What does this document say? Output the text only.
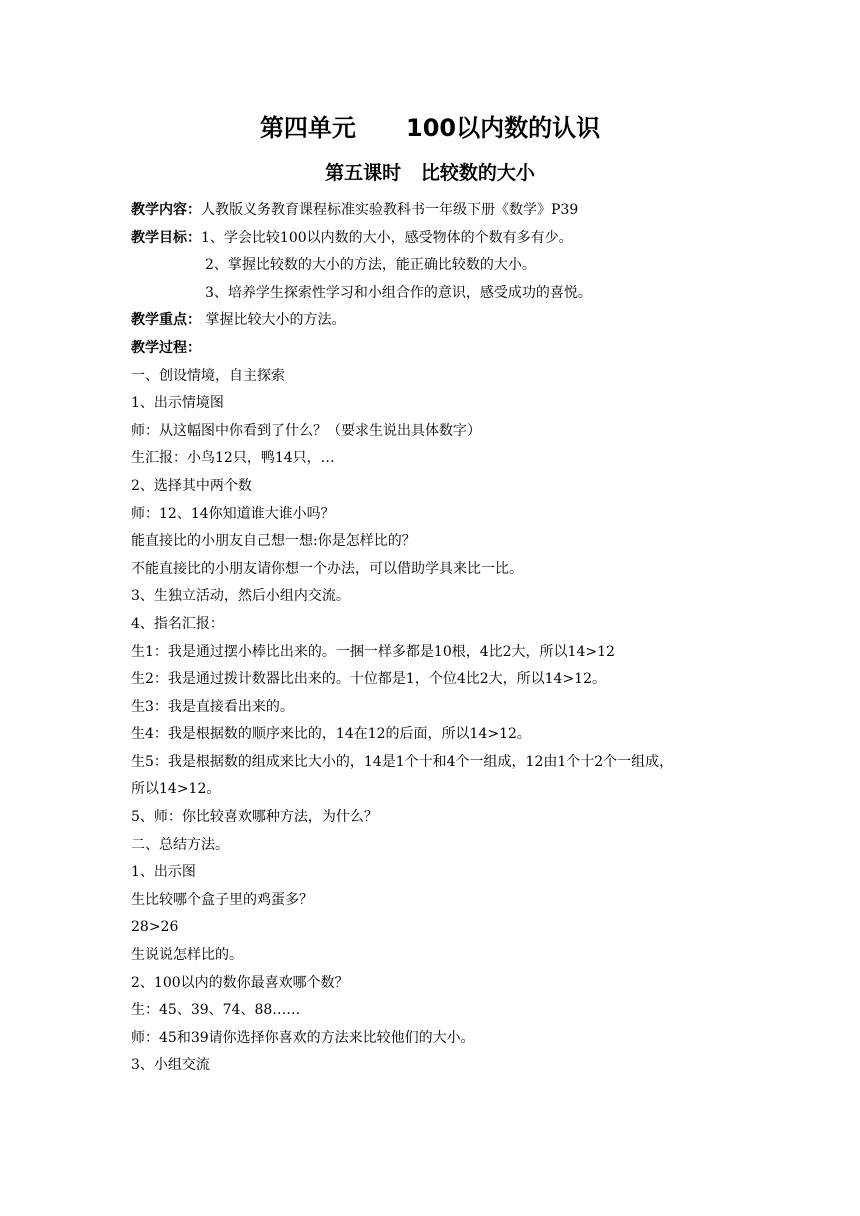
第四单元      100以内数的认识
第五课时   比较数的大小
教学内容：人教版义务教育课程标准实验教科书一年级下册《数学》P39
教学目标：1、学会比较100以内数的大小，感受物体的个数有多有少。
2、掌握比较数的大小的方法，能正确比较数的大小。
3、培养学生探索性学习和小组合作的意识，感受成功的喜悦。
教学重点： 掌握比较大小的方法。
教学过程：
一、创设情境，自主探索
1、出示情境图
师：从这幅图中你看到了什么？（要求生说出具体数字）
生汇报：小鸟12只，鸭14只，…
2、选择其中两个数
师：12、14你知道谁大谁小吗？
能直接比的小朋友自己想一想:你是怎样比的？
不能直接比的小朋友请你想一个办法，可以借助学具来比一比。
3、生独立活动，然后小组内交流。
4、指名汇报：
生1：我是通过摆小棒比出来的。一捆一样多都是10根，4比2大，所以14>12
生2：我是通过拨计数器比出来的。十位都是1，个位4比2大，所以14>12。
生3：我是直接看出来的。
生4：我是根据数的顺序来比的，14在12的后面，所以14>12。
生5：我是根据数的组成来比大小的，14是1个十和4个一组成，12由1个十2个一组成，
所以14>12。
5、师：你比较喜欢哪种方法，为什么？
二、总结方法。
1、出示图
生比较哪个盒子里的鸡蛋多？
28>26
生说说怎样比的。
2、100以内的数你最喜欢哪个数？
生：45、39、74、88……
师：45和39请你选择你喜欢的方法来比较他们的大小。
3、小组交流
